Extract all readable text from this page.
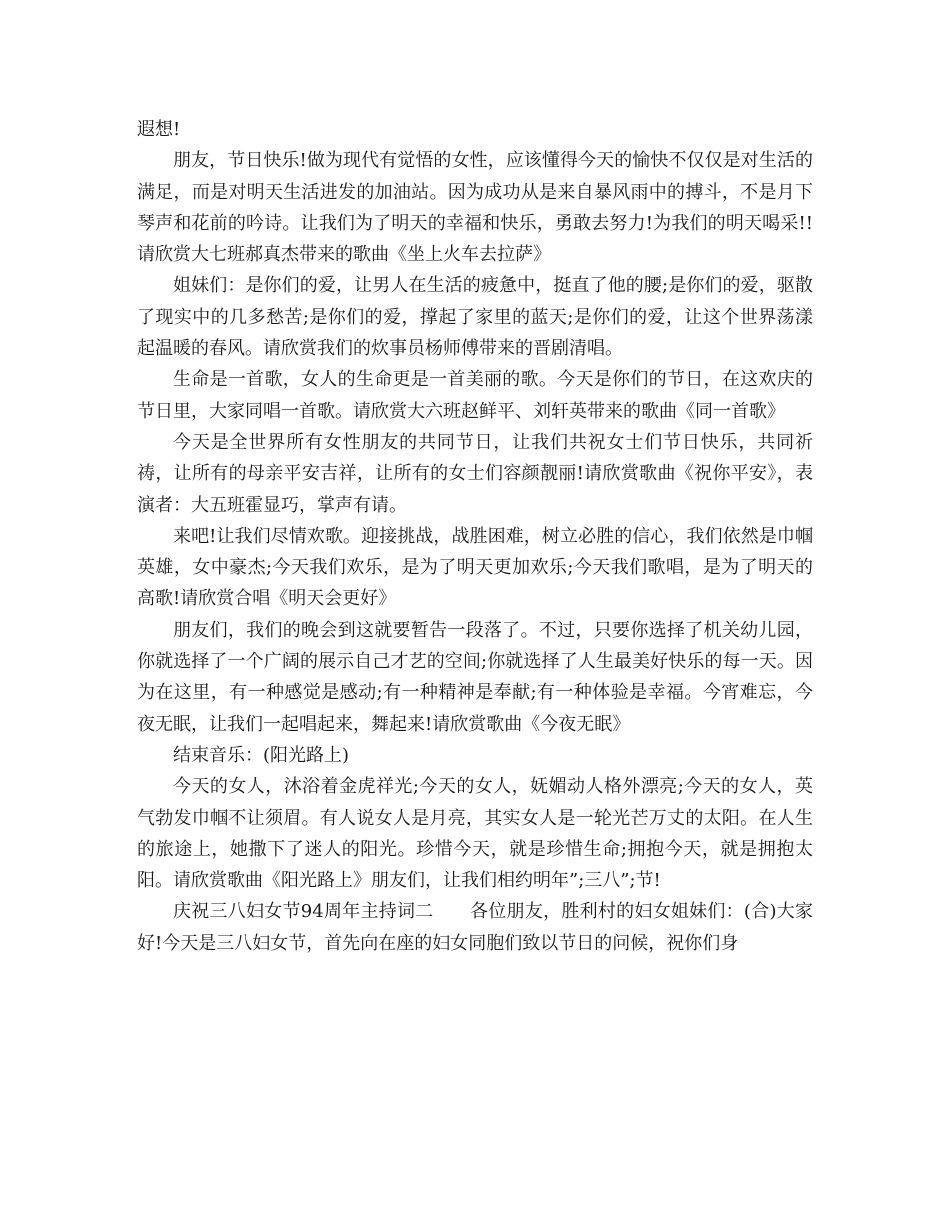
遐想!

朋友，节日快乐!做为现代有觉悟的女性，应该懂得今天的愉快不仅仅是对生活的满足，而是对明天生活进发的加油站。因为成功从是来自暴风雨中的搏斗，不是月下琴声和花前的吟诗。让我们为了明天的幸福和快乐，勇敢去努力!为我们的明天喝采!!请欣赏大七班郝真杰带来的歌曲《坐上火车去拉萨》

姐妹们：是你们的爱，让男人在生活的疲惫中，挺直了他的腰;是你们的爱，驱散了现实中的几多愁苦;是你们的爱，撑起了家里的蓝天;是你们的爱，让这个世界荡漾起温暖的春风。请欣赏我们的炊事员杨师傅带来的晋剧清唱。

生命是一首歌，女人的生命更是一首美丽的歌。今天是你们的节日，在这欢庆的节日里，大家同唱一首歌。请欣赏大六班赵鲜平、刘轩英带来的歌曲《同一首歌》

今天是全世界所有女性朋友的共同节日，让我们共祝女士们节日快乐，共同祈祷，让所有的母亲平安吉祥，让所有的女士们容颜靓丽!请欣赏歌曲《祝你平安》，表演者：大五班霍显巧，掌声有请。

来吧!让我们尽情欢歌。迎接挑战，战胜困难，树立必胜的信心，我们依然是巾帼英雄，女中豪杰;今天我们欢乐，是为了明天更加欢乐;今天我们歌唱，是为了明天的高歌!请欣赏合唱《明天会更好》

朋友们，我们的晚会到这就要暂告一段落了。不过，只要你选择了机关幼儿园，你就选择了一个广阔的展示自己才艺的空间;你就选择了人生最美好快乐的每一天。因为在这里，有一种感觉是感动;有一种精神是奉献;有一种体验是幸福。今宵难忘，今夜无眠，让我们一起唱起来，舞起来!请欣赏歌曲《今夜无眠》

结束音乐：(阳光路上)

今天的女人，沐浴着金虎祥光;今天的女人，妩媚动人格外漂亮;今天的女人，英气勃发巾帼不让须眉。有人说女人是月亮，其实女人是一轮光芒万丈的太阳。在人生的旅途上，她撒下了迷人的阳光。珍惜今天，就是珍惜生命;拥抱今天，就是拥抱太阳。请欣赏歌曲《阳光路上》朋友们，让我们相约明年”;三八”;节!

庆祝三八妇女节94周年主持词二　　各位朋友，胜利村的妇女姐妹们：(合)大家好!今天是三八妇女节，首先向在座的妇女同胞们致以节日的问候，祝你们身
